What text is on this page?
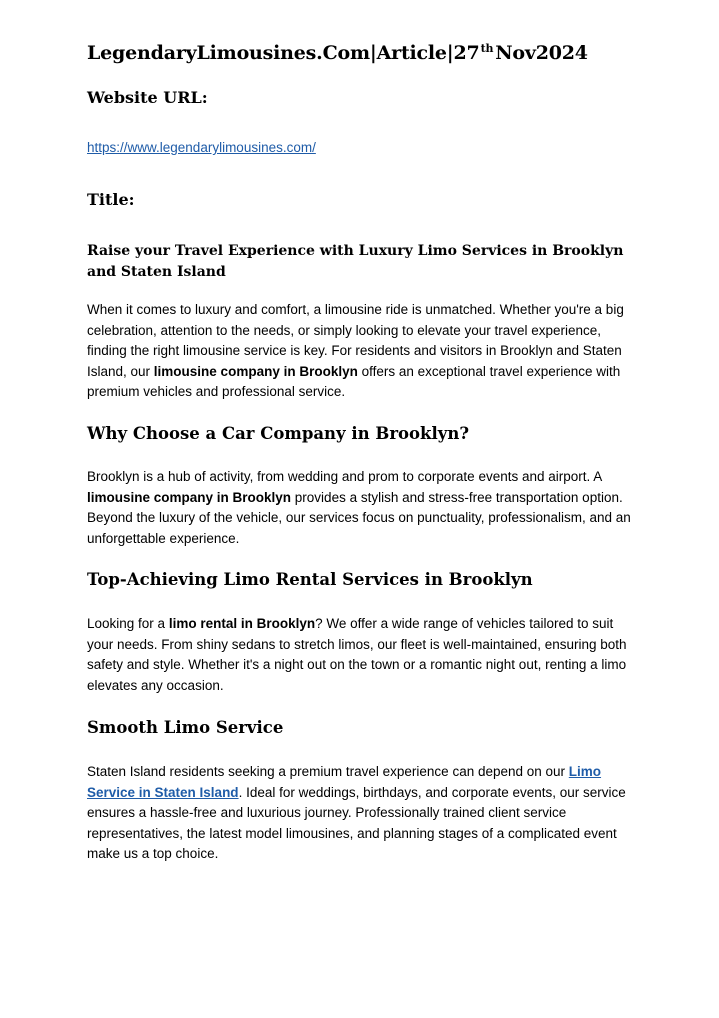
LegendaryLimousines.Com|Article|27th Nov2024
Website URL:
https://www.legendarylimousines.com/
Title:
Raise your Travel Experience with Luxury Limo Services in Brooklyn and Staten Island
When it comes to luxury and comfort, a limousine ride is unmatched. Whether you're a big celebration, attention to the needs, or simply looking to elevate your travel experience, finding the right limousine service is key. For residents and visitors in Brooklyn and Staten Island, our limousine company in Brooklyn offers an exceptional travel experience with premium vehicles and professional service.
Why Choose a Car Company in Brooklyn?
Brooklyn is a hub of activity, from wedding and prom to corporate events and airport. A limousine company in Brooklyn provides a stylish and stress-free transportation option. Beyond the luxury of the vehicle, our services focus on punctuality, professionalism, and an unforgettable experience.
Top-Achieving Limo Rental Services in Brooklyn
Looking for a limo rental in Brooklyn? We offer a wide range of vehicles tailored to suit your needs. From shiny sedans to stretch limos, our fleet is well-maintained, ensuring both safety and style. Whether it's a night out on the town or a romantic night out, renting a limo elevates any occasion.
Smooth Limo Service
Staten Island residents seeking a premium travel experience can depend on our Limo Service in Staten Island. Ideal for weddings, birthdays, and corporate events, our service ensures a hassle-free and luxurious journey. Professionally trained client service representatives, the latest model limousines, and planning stages of a complicated event make us a top choice.
